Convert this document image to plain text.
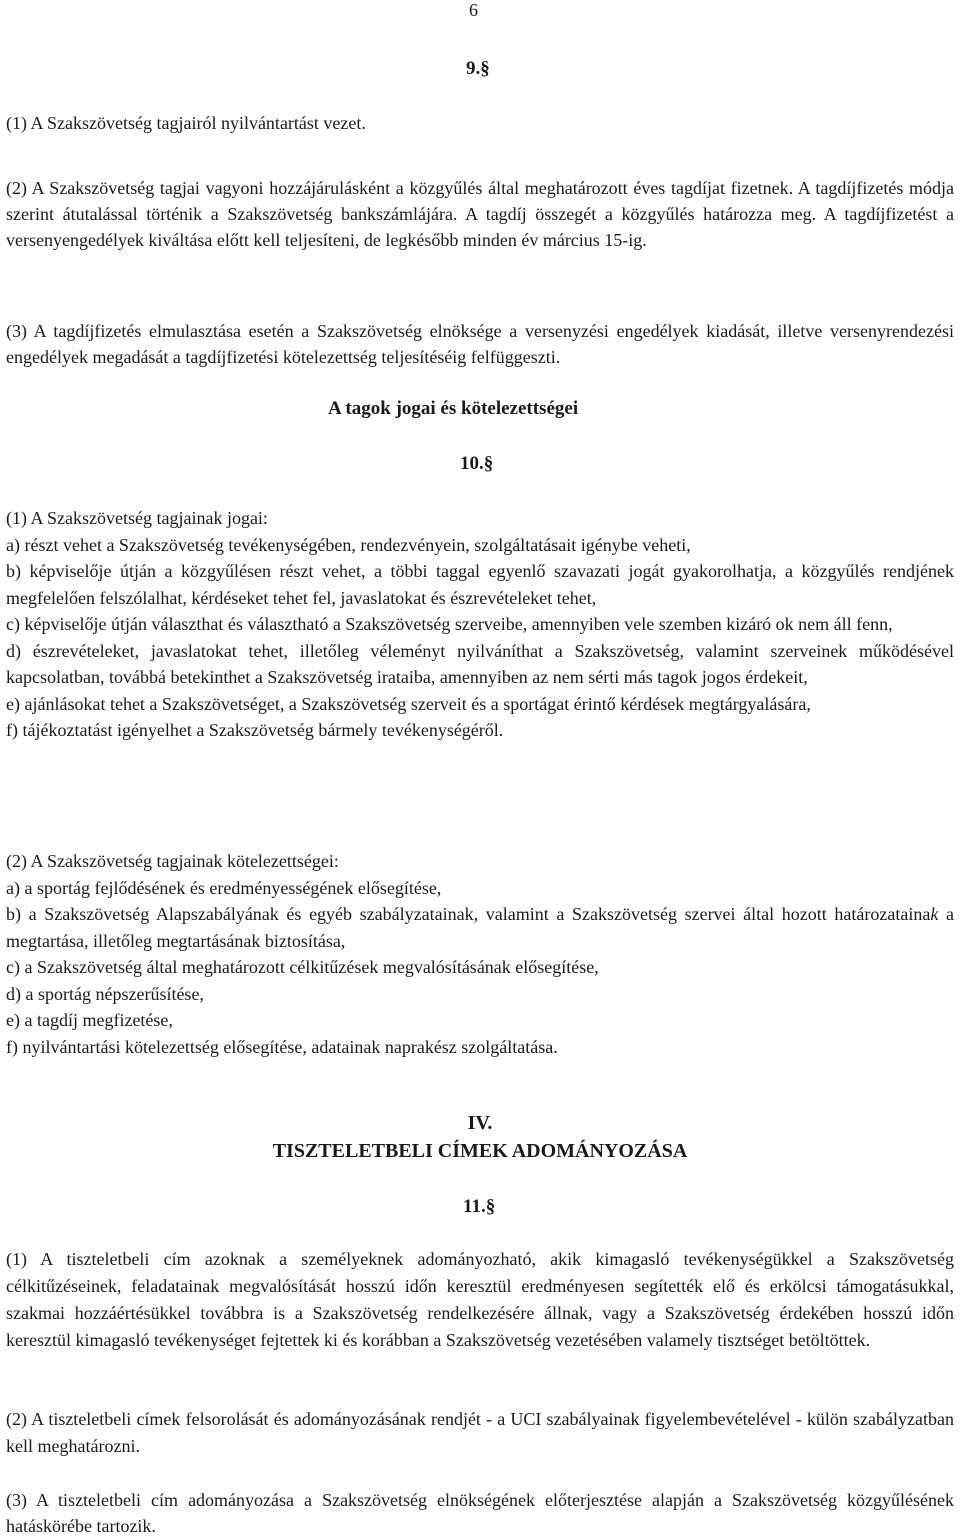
6
9.§

(1) A Szakszövetség tagjairól nyilvántartást vezet.

(2) A Szakszövetség tagjai vagyoni hozzájárulásként a közgyűlés által meghatározott éves tagdíjat fizetnek. A tagdíjfizetés módja szerint átutalással történik a Szakszövetség bankszámlájára. A tagdíj összegét a közgyűlés határozza meg. A tagdíjfizetést a versenyengedélyek kiváltása előtt kell teljesíteni, de legkésőbb minden év március 15-ig.

(3) A tagdíjfizetés elmulasztása esetén a Szakszövetség elnöksége a versenyzési engedélyek kiadását, illetve versenyrendezési engedélyek megadását a tagdíjfizetési kötelezettség teljesítéséig felfüggeszti.

A tagok jogai és kötelezettségei
10.§
(1) A Szakszövetség tagjainak jogai:
a) részt vehet a Szakszövetség tevékenységében, rendezvényein, szolgáltatásait igénybe veheti,
b) képviselője útján a közgyűlésen részt vehet, a többi taggal egyenlő szavazati jogát gyakorolhatja, a közgyűlés rendjének megfelelően felszólalhat, kérdéseket tehet fel, javaslatokat és észrevételeket tehet,
c) képviselője útján választhat és választható a Szakszövetség szerveibe, amennyiben vele szemben kizáró ok nem áll fenn,
d) észrevételeket, javaslatokat tehet, illetőleg véleményt nyilváníthat a Szakszövetség, valamint szerveinek működésével kapcsolatban, továbbá betekinthet a Szakszövetség irataiba, amennyiben az nem sérti más tagok jogos érdekeit,
e) ajánlásokat tehet a Szakszövetséget, a Szakszövetség szerveit és a sportágat érintő kérdések megtárgyalására,
f) tájékoztatást igényelhet a Szakszövetség bármely tevékenységéről.
(2) A Szakszövetség tagjainak kötelezettségei:
a) a sportág fejlődésének és eredményességének elősegítése,
b) a Szakszövetség Alapszabályának és egyéb szabályzatainak, valamint a Szakszövetség szervei által hozott határozatainak a megtartása, illetőleg megtartásának biztosítása,
c) a Szakszövetség által meghatározott célkitűzések megvalósításának elősegítése,
d) a sportág népszerűsítése,
e) a tagdíj megfizetése,
f) nyilvántartási kötelezettség elősegítése, adatainak naprakész szolgáltatása.
IV.
TISZTELETBELI CÍMEK ADOMÁNYOZÁSA
11.§

(1) A tiszteletbeli cím azoknak a személyeknek adományozható, akik kimagasló tevékenységükkel a Szakszövetség célkitűzéseinek, feladatainak megvalósítását hosszú időn keresztül eredményesen segítették elő és erkölcsi támogatásukkal, szakmai hozzáértésükkel továbbra is a Szakszövetség rendelkezésére állnak, vagy a Szakszövetség érdekében hosszú időn keresztül kimagasló tevékenységet fejtettek ki és korábban a Szakszövetség vezetésében valamely tisztséget betöltöttek.

(2) A tiszteletbeli címek felsorolását és adományozásának rendjét - a UCI szabályainak figyelembevételével - külön szabályzatban kell meghatározni.

(3) A tiszteletbeli cím adományozása a Szakszövetség elnökségének előterjesztése alapján a Szakszövetség közgyűlésének hatáskörébe tartozik.
